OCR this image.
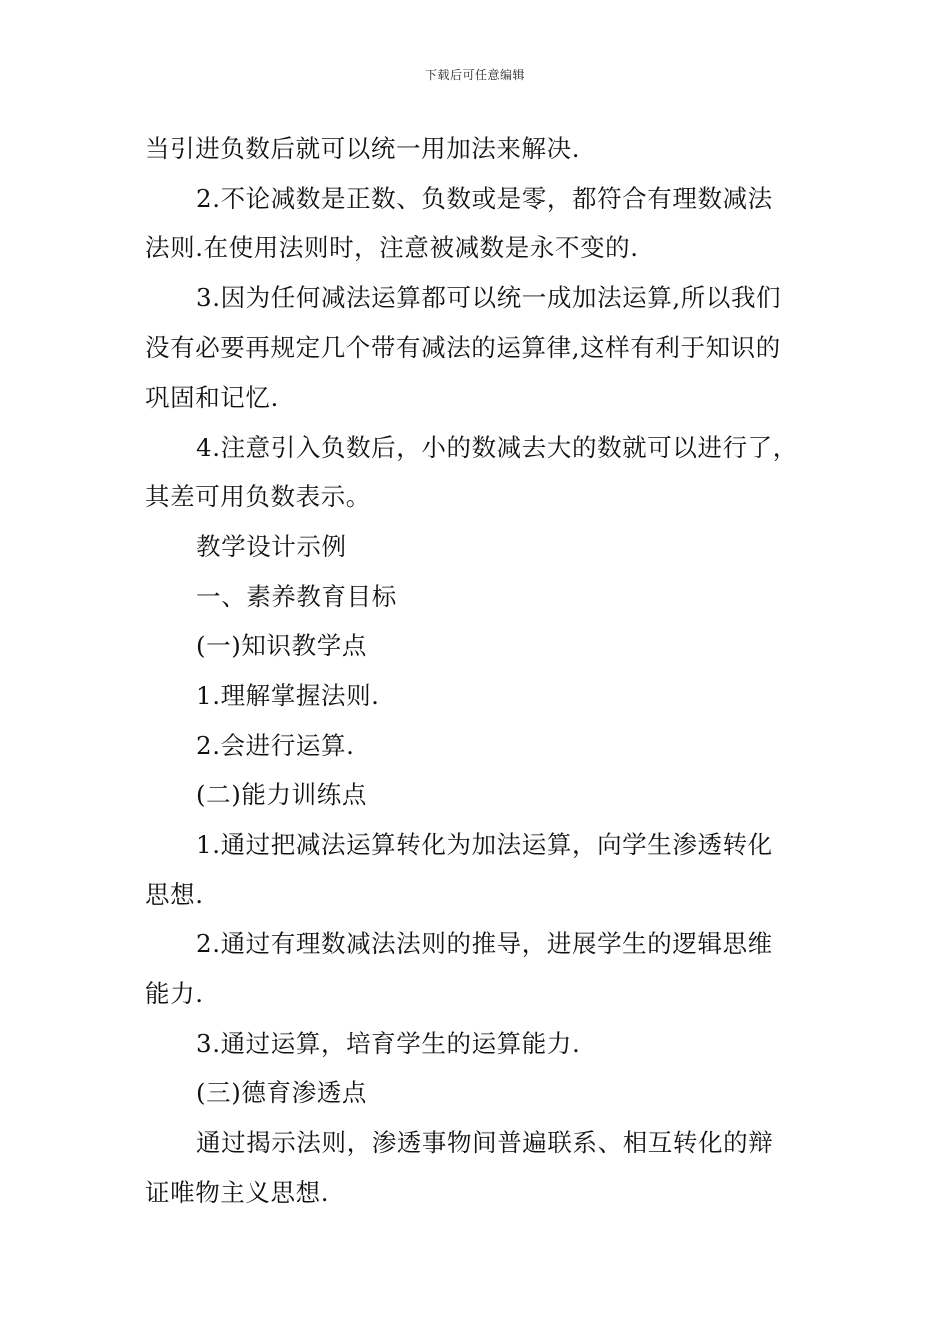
下载后可任意编辑
当引进负数后就可以统一用加法来解决.
2.不论减数是正数、负数或是零，都符合有理数减法
法则.在使用法则时，注意被减数是永不变的.
3.因为任何减法运算都可以统一成加法运算,所以我们
没有必要再规定几个带有减法的运算律,这样有利于知识的
巩固和记忆.
4.注意引入负数后，小的数减去大的数就可以进行了，
其差可用负数表示。
教学设计示例
一、素养教育目标
(一)知识教学点
1.理解掌握法则.
2.会进行运算.
(二)能力训练点
1.通过把减法运算转化为加法运算，向学生渗透转化
思想.
2.通过有理数减法法则的推导，进展学生的逻辑思维
能力.
3.通过运算，培育学生的运算能力.
(三)德育渗透点
通过揭示法则，渗透事物间普遍联系、相互转化的辩
证唯物主义思想.
